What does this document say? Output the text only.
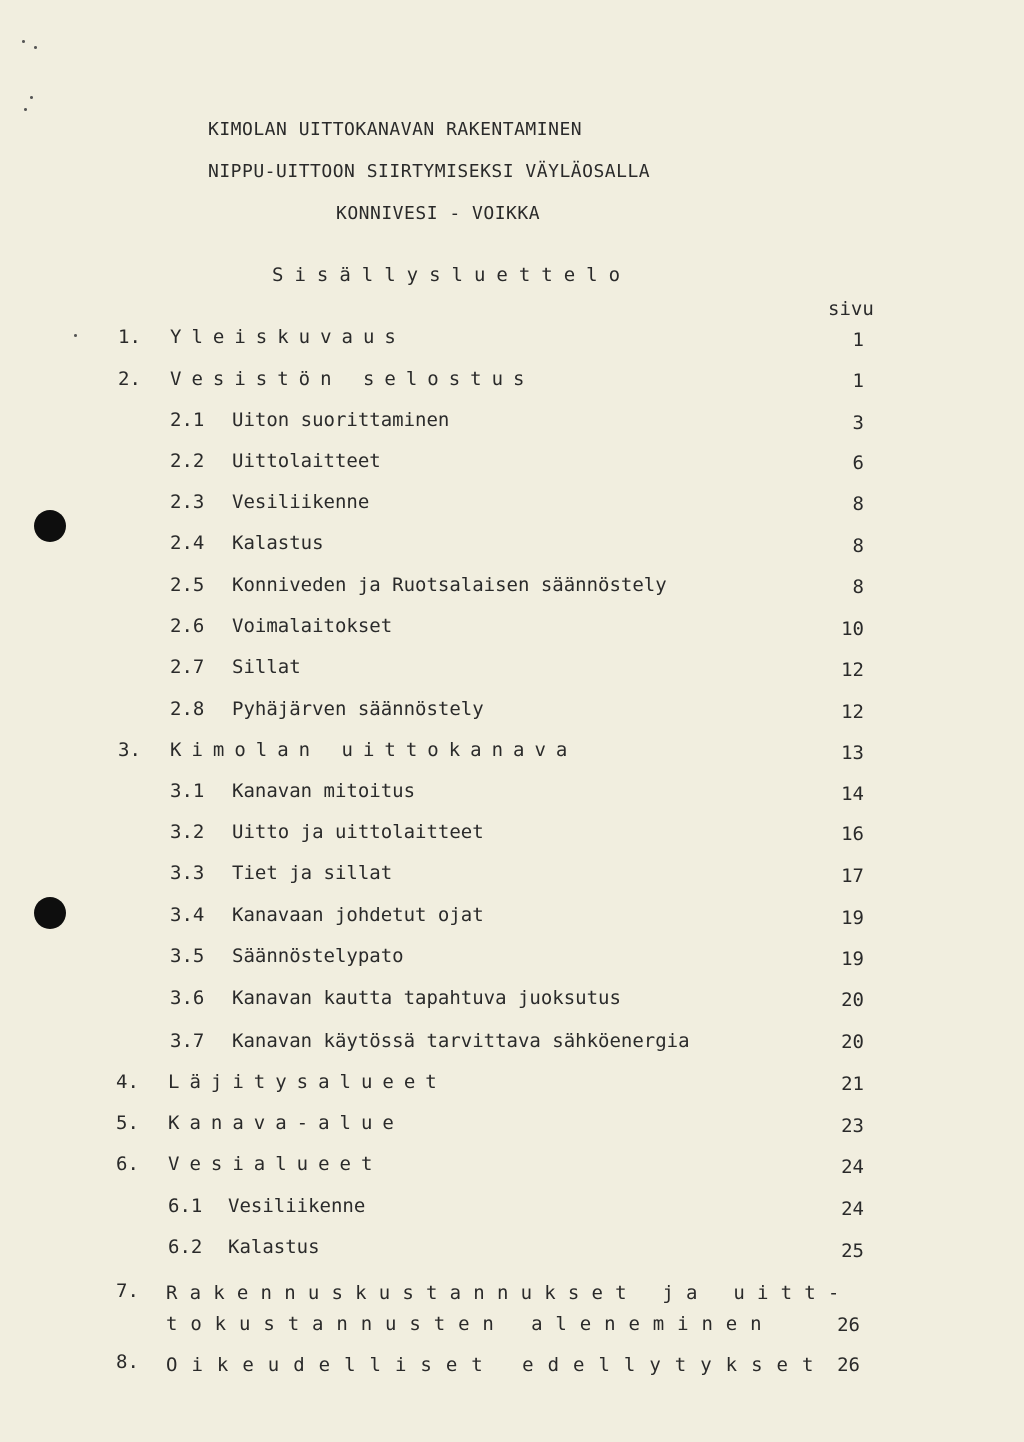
KIMOLAN UITTOKANAVAN RAKENTAMINEN
NIPPU-UITTOON SIIRTYMISEKSI VÄYLÄOSALLA
KONNIVESI - VOIKKA
Sisällysluettelo
sivu
1. Yleiskuvaus	1
2. Vesistön selostus	1
2.1 Uiton suorittaminen	3
2.2 Uittolaitteet	6
2.3 Vesiliikenne	8
2.4 Kalastus	8
2.5 Konniveden ja Ruotsalaisen säännöstely	8
2.6 Voimalaitokset	10
2.7 Sillat	12
2.8 Pyhäjärven säännöstely	12
3. Kimolan uittokanava	13
3.1 Kanavan mitoitus	14
3.2 Uitto ja uittolaitteet	16
3.3 Tiet ja sillat	17
3.4 Kanavaan johdetut ojat	19
3.5 Säännöstelypato	19
3.6 Kanavan kautta tapahtuva juoksutus	20
3.7 Kanavan käytössä tarvittava sähköenergia	20
4. Läjitysalueet	21
5. Kanava-alue	23
6. Vesialueet	24
6.1 Vesiliikenne	24
6.2 Kalastus	25
7. Rakennuskustannukset ja uitt-
tokustannusten aleneminen	26
8. Oikeudelliset edellytykset 26
